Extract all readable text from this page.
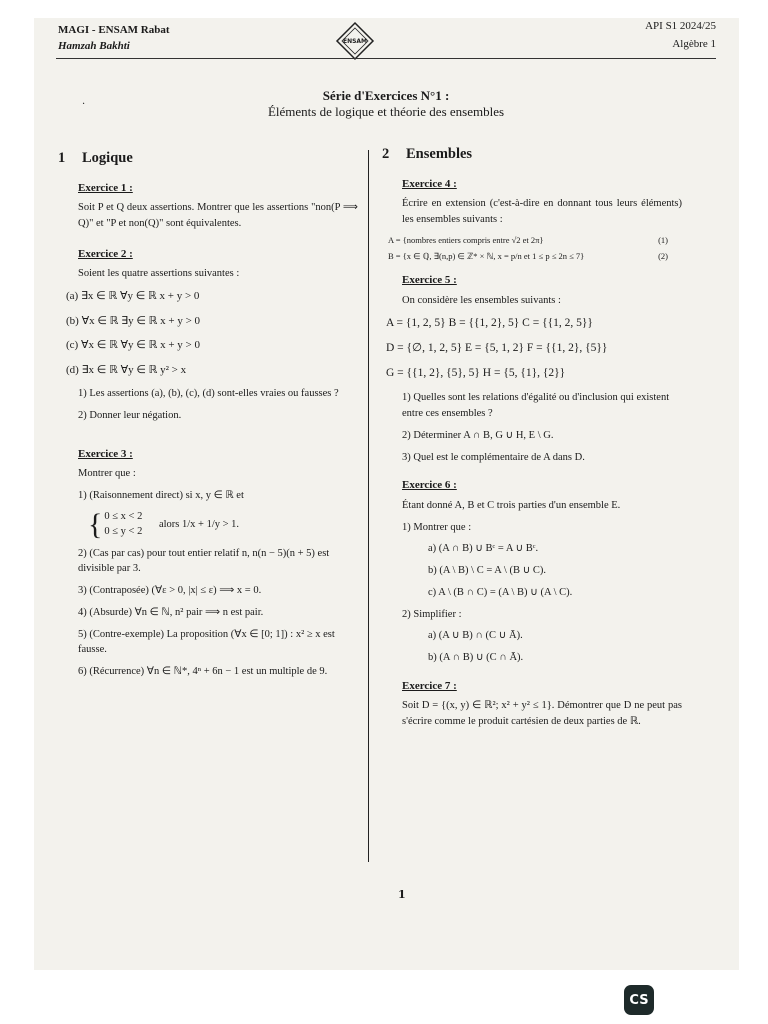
MAGI - ENSAM Rabat
Hamzah Bakhti
API S1 2024/25
Algèbre 1
ENSAM
.	Série d'Exercices N°1 :
Éléments de logique et théorie des ensembles
1 Logique
Exercice 1 :
Soit P et Q deux assertions. Montrer que les assertions "non(P ⟹ Q)" et "P et non(Q)" sont équivalentes.
Exercice 2 :
Soient les quatre assertions suivantes :
(a) ∃x ∈ ℝ ∀y ∈ ℝ x + y > 0
(b) ∀x ∈ ℝ ∃y ∈ ℝ x + y > 0
(c) ∀x ∈ ℝ ∀y ∈ ℝ x + y > 0
(d) ∃x ∈ ℝ ∀y ∈ ℝ y² > x
1) Les assertions (a), (b), (c), (d) sont-elles vraies ou fausses ?
2) Donner leur négation.
Exercice 3 :
Montrer que :
1) (Raisonnement direct) si x, y ∈ ℝ et
{ 0 ≤ x < 2
0 ≤ y < 2 alors 1/x + 1/y > 1.
2) (Cas par cas) pour tout entier relatif n, n(n − 5)(n + 5) est divisible par 3.
3) (Contraposée) (∀ε > 0, |x| ≤ ε) ⟹ x = 0.
4) (Absurde) ∀n ∈ ℕ, n² pair ⟹ n est pair.
5) (Contre-exemple) La proposition (∀x ∈ [0; 1]) : x² ≥ x est fausse.
6) (Récurrence) ∀n ∈ ℕ*, 4ⁿ + 6n − 1 est un multiple de 9.
2 Ensembles
Exercice 4 :
Écrire en extension (c'est-à-dire en donnant tous leurs éléments) les ensembles suivants :
A = {nombres entiers compris entre √2 et 2π}	(1)
B = {x ∈ ℚ, ∃(n,p) ∈ ℤ* × ℕ, x = p/n et 1 ≤ p ≤ 2n ≤ 7}	(2)
Exercice 5 :
On considère les ensembles suivants :
A = {1, 2, 5} B = {{1, 2}, 5} C = {{1, 2, 5}}
D = {∅, 1, 2, 5} E = {5, 1, 2} F = {{1, 2}, {5}}
G = {{1, 2}, {5}, 5} H = {5, {1}, {2}}
1) Quelles sont les relations d'égalité ou d'inclusion qui existent entre ces ensembles ?
2) Déterminer A ∩ B, G ∪ H, E \ G.
3) Quel est le complémentaire de A dans D.
Exercice 6 :
Étant donné A, B et C trois parties d'un ensemble E.
1) Montrer que :
a) (A ∩ B) ∪ Bᶜ = A ∪ Bᶜ.
b) (A \ B) \ C = A \ (B ∪ C).
c) A \ (B ∩ C) = (A \ B) ∪ (A \ C).
2) Simplifier :
a) (A ∪ B) ∩ (C ∪ Ā).
b) (A ∩ B) ∪ (C ∩ Ā).
Exercice 7 :
Soit D = {(x, y) ∈ ℝ²; x² + y² ≤ 1}. Démontrer que D ne peut pas s'écrire comme le produit cartésien de deux parties de ℝ.
1
CS
